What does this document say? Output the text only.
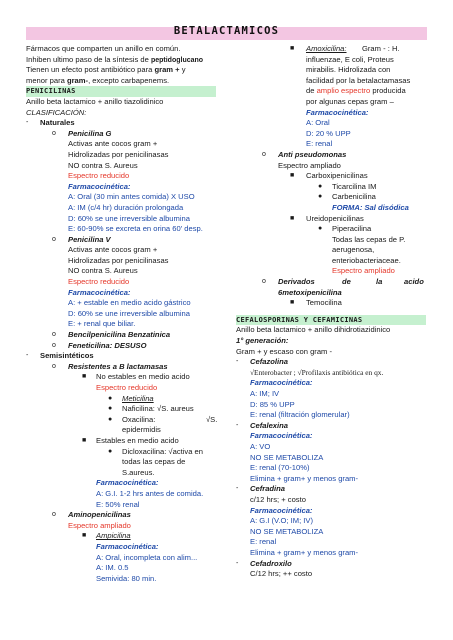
BETALACTAMICOS
Fármacos que comparten un anillo en común.
Inhiben ultimo paso de la síntesis de peptidoglucano
Tienen un efecto post antibiótico para gram + y
menor para gram-, excepto carbapenems.
PENICILINAS
Anillo beta lactamico + anillo tiazolidinico
CLASIFICACIÓN:
- Naturales
o Penicilina G
Activas ante cocos gram +
Hidrolizadas por penicilinasas
NO contra S. Aureus
Espectro reducido
Farmacocinética:
A: Oral (30 min antes comida) X USO
A: IM (c/4 hr) duración prolongada
D: 60% se une irreversible albumina
E: 60-90% se excreta en orina 60' desp.
o Penicilina V
Activas ante cocos gram +
Hidrolizadas por penicilinasas
NO contra S. Aureus
Espectro reducido
Farmacocinética:
A: + estable en medio acido gástrico
D: 60% se une irreversible albumina
E: + renal que biliar.
o Bencilpenicilina Benzatinica
o Feneticilina: DESUSO
- Semisintéticos
o Resistentes a B lactamasas
■ No estables en medio acido
Espectro reducido
● Meticilina
● Naficilina: √S. aureus
● Oxacilina:	√S.
epidermidis
■ Estables en medio acido
● Dicloxacilina: √activa en
todas las cepas de
S.aureus.
Farmacocinética:
A: G.I. 1-2 hrs antes de comida.
E: 50% renal
o Aminopenicilinas
Espectro ampliado
■ Ampicilina
Farmacocinética:
A: Oral, incompleta con alim...
A: IM. 0.5
Semivida: 80 min.
■ Amoxicilina: Gram - : H.
influenzae, E coli, Proteus
mirabilis. Hidrolizada con
facilidad por la betalactamasas
de amplio espectro producida
por algunas cepas gram –
Farmacocinética:
A: Oral
D: 20 % UPP
E: renal
o Anti pseudomonas
Espectro ampliado
■ Carboxipenicilinas
● Ticarcilina IM
● Carbenicilina
FORMA: Sal disódica
■ Ureidopenicilinas
● Piperacilina
Todas las cepas de P.
aerugenosa,
enteriobacteriaceae.
Espectro ampliado
o Derivados	de	la	acido
6metoxipenicilina
■ Temocilina
CEFALOSPORINAS Y CEFAMICINAS
Anillo beta lactamico + anillo dihidrotiazidinico
1° generación:
Gram + y escaso con gram -
- Cefazolina
√Enterobacter ; √Profilaxis antibiótica en qx.
Farmacocinética:
A: IM; IV
D: 85 % UPP
E: renal (filtración glomerular)
- Cefalexina
Farmacocinética:
A: VO
NO SE METABOLIZA
E: renal (70-10%)
Elimina + gram+ y menos gram-
- Cefradina
c/12 hrs; + costo
Farmacocinética:
A: G.I (V.O; IM; IV)
NO SE METABOLIZA
E: renal
Elimina + gram+ y menos gram-
- Cefadroxilo
C/12 hrs; ++ costo
